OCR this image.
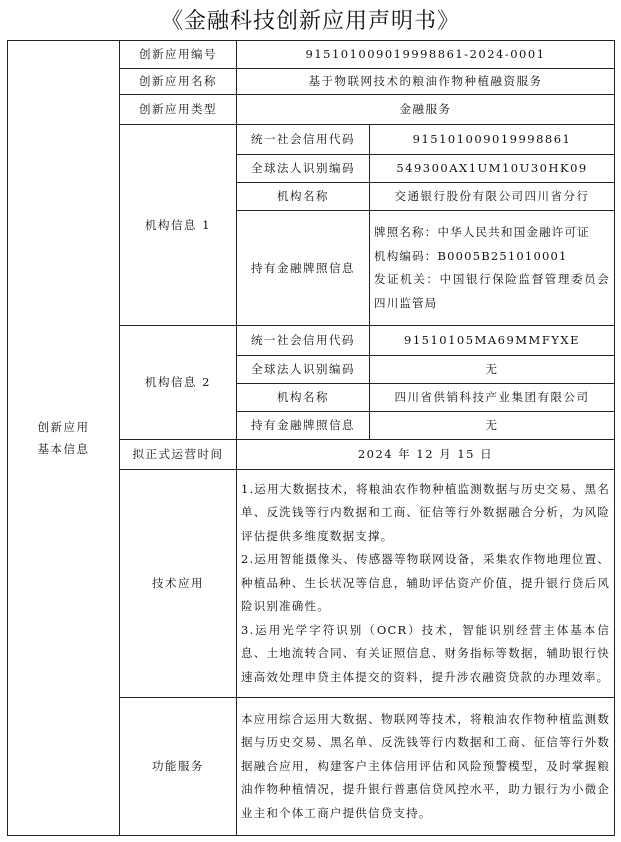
《金融科技创新应用声明书》
创新应用
基本信息	创新应用编号	915101009019998861-2024-0001	
	创新应用名称	基于物联网技术的粮油作物种植融资服务	
	创新应用类型	金融服务	
	机构信息 1	统一社会信用代码	915101009019998861
		全球法人识别编码	549300AX1UM10U30HK09
		机构名称	交通银行股份有限公司四川省分行
		持有金融牌照信息	牌照名称：中华人民共和国金融许可证

机构编码：B0005B251010001

发证机关：中国银行保险监督管理委员会四川监管局

	机构信息 2	统一社会信用代码	91510105MA69MMFYXE
		全球法人识别编码	无
		机构名称	四川省供销科技产业集团有限公司
		持有金融牌照信息	无
	拟正式运营时间	2024 年 12 月 15 日	
	技术应用	1.运用大数据技术，将粮油农作物种植监测数据与历史交易、黑名单、反洗钱等行内数据和工商、征信等行外数据融合分析，为风险评估提供多维度数据支撑。

2.运用智能摄像头、传感器等物联网设备，采集农作物地理位置、种植品种、生长状况等信息，辅助评估资产价值，提升银行贷后风险识别准确性。

3.运用光学字符识别（OCR）技术，智能识别经营主体基本信息、土地流转合同、有关证照信息、财务指标等数据，辅助银行快速高效处理申贷主体提交的资料，提升涉农融资贷款的办理效率。	

	功能服务	本应用综合运用大数据、物联网等技术，将粮油农作物种植监测数据与历史交易、黑名单、反洗钱等行内数据和工商、征信等行外数据融合应用，构建客户主体信用评估和风险预警模型，及时掌握粮油作物种植情况，提升银行普惠信贷风控水平，助力银行为小微企业主和个体工商户提供信贷支持。	
